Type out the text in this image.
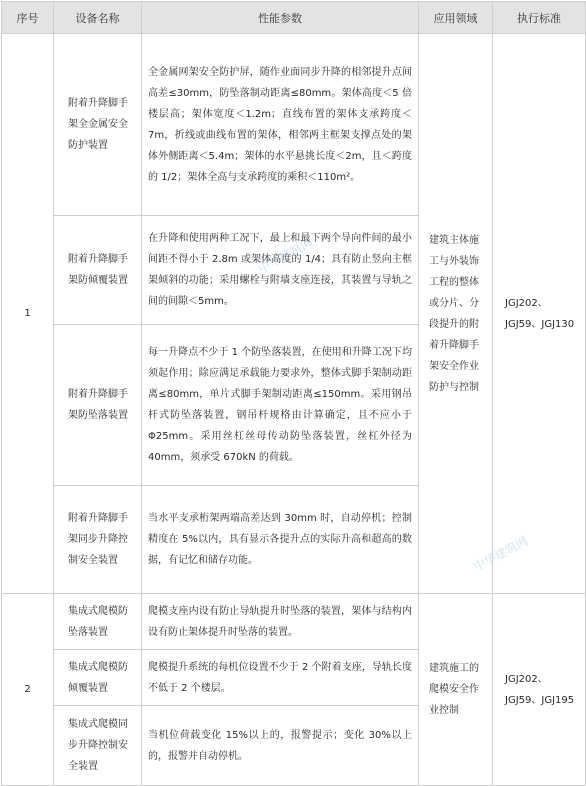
序号	设备名称	性能参数	应用领域	执行标准
1	附着升降脚手架全金属安全防护装置	全金属网架安全防护屏，随作业面同步升降的相邻提升点间高差≤30mm，防坠落制动距离≤80mm。架体高度＜5 倍楼层高；架体宽度＜1.2m；直线布置的架体支承跨度＜7m，折线或曲线布置的架体，相邻两主框架支撑点处的架体外侧距离＜5.4m；架体的水平悬挑长度＜2m，且＜跨度的 1/2；架体全高与支承跨度的乘积＜110m²。	建筑主体施工与外装饰工程的整体或分片、分段提升的附着升降脚手架安全作业防护与控制	JGJ202、JGJ59、JGJ130
	附着升降脚手架防倾覆装置	在升降和使用两种工况下，最上和最下两个导向件间的最小间距不得小于 2.8m 或架体高度的 1/4；具有防止竖向主框架倾斜的功能；采用螺栓与附墙支座连接，其装置与导轨之间的间隙＜5mm。		
	附着升降脚手架防坠落装置	每一升降点不少于 1 个防坠落装置，在使用和升降工况下均须起作用；除应满足承载能力要求外，整体式脚手架制动距离≤80mm，单片式脚手架制动距离≤150mm。采用钢吊杆式防坠落装置，钢吊杆规格由计算确定，且不应小于Φ25mm。采用丝杠丝母传动防坠落装置，丝杠外径为 40mm，须承受 670kN 的荷载。		
	附着升降脚手架同步升降控制安全装置	当水平支承桁架两端高差达到 30mm 时，自动停机；控制精度在 5%以内，具有显示各提升点的实际升高和超高的数据，有记忆和储存功能。		
2	集成式爬模防坠落装置	爬模支座内设有防止导轨提升时坠落的装置，架体与结构内设有防止架体提升时坠落的装置。	建筑施工的爬模安全作业控制	JGJ202、JGJ59、JGJ195
	集成式爬模防倾覆装置	爬模提升系统的每机位设置不少于 2 个附着支座，导轨长度不低于 2 个楼层。		
	集成式爬模同步升降控制安全装置	当机位荷载变化 15%以上的，报警提示；变化 30%以上的，报警并自动停机。		
中华建筑网
中华建筑网
